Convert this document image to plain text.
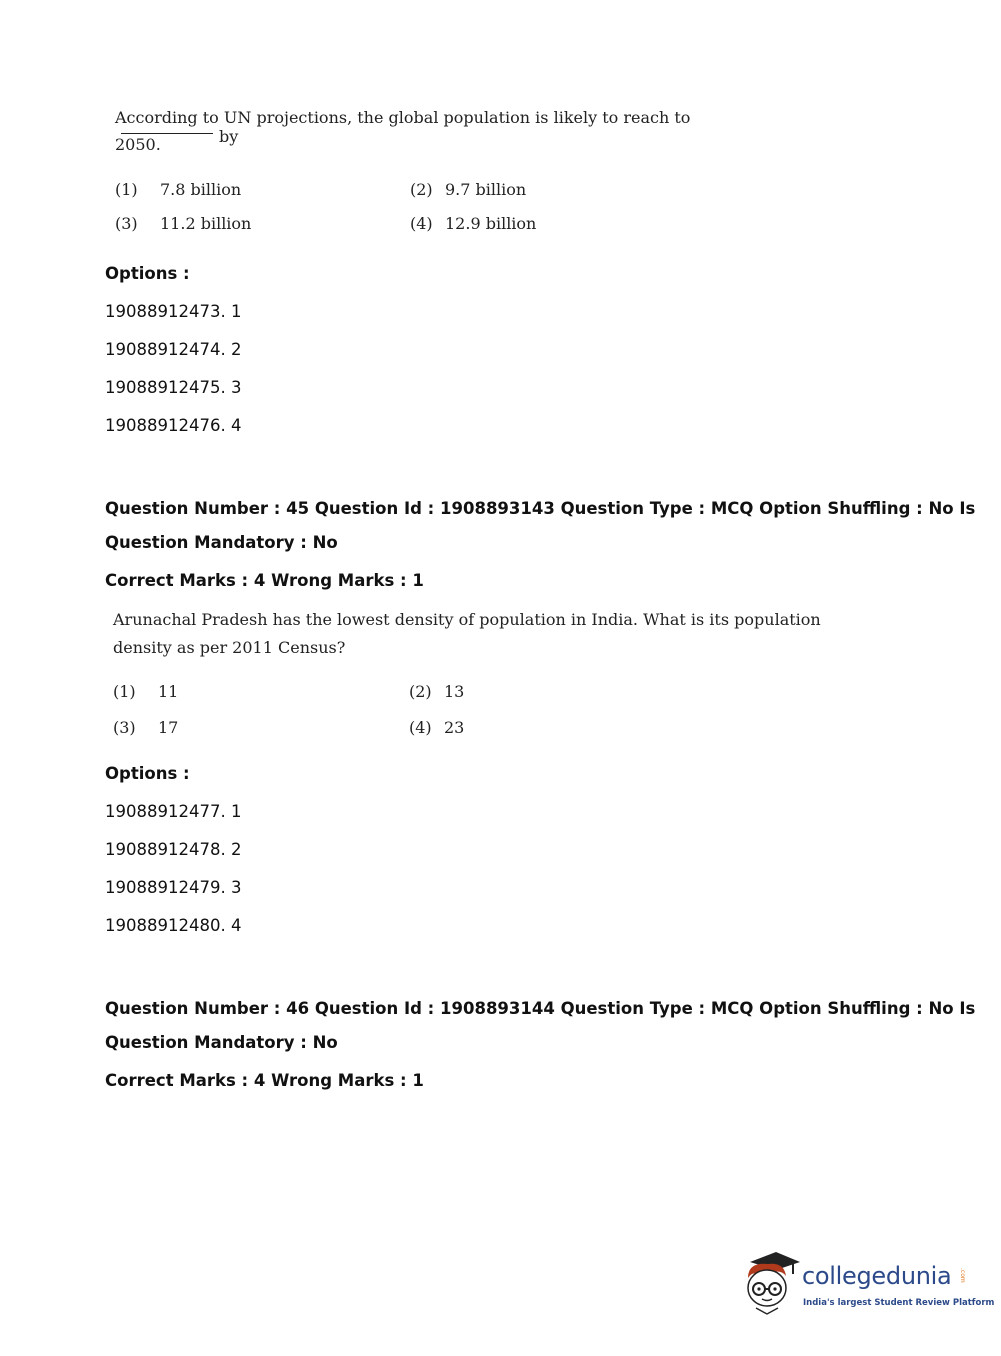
According to UN projections, the global population is likely to reach toby
2050.
(1) 7.8 billion	(2) 9.7 billion
(3) 11.2 billion	(4) 12.9 billion
Options :
19088912473. 1
19088912474. 2
19088912475. 3
19088912476. 4
Question Number : 45 Question Id : 1908893143 Question Type : MCQ Option Shuffling : No Is
Question Mandatory : No
Correct Marks : 4 Wrong Marks : 1
Arunachal Pradesh has the lowest density of population in India. What is its population
density as per 2011 Census?
(1) 11	(2) 13
(3) 17	(4) 23
Options :
19088912477. 1
19088912478. 2
19088912479. 3
19088912480. 4
Question Number : 46 Question Id : 1908893144 Question Type : MCQ Option Shuffling : No Is
Question Mandatory : No
Correct Marks : 4 Wrong Marks : 1
collegedunia .com
India's largest Student Review Platform
